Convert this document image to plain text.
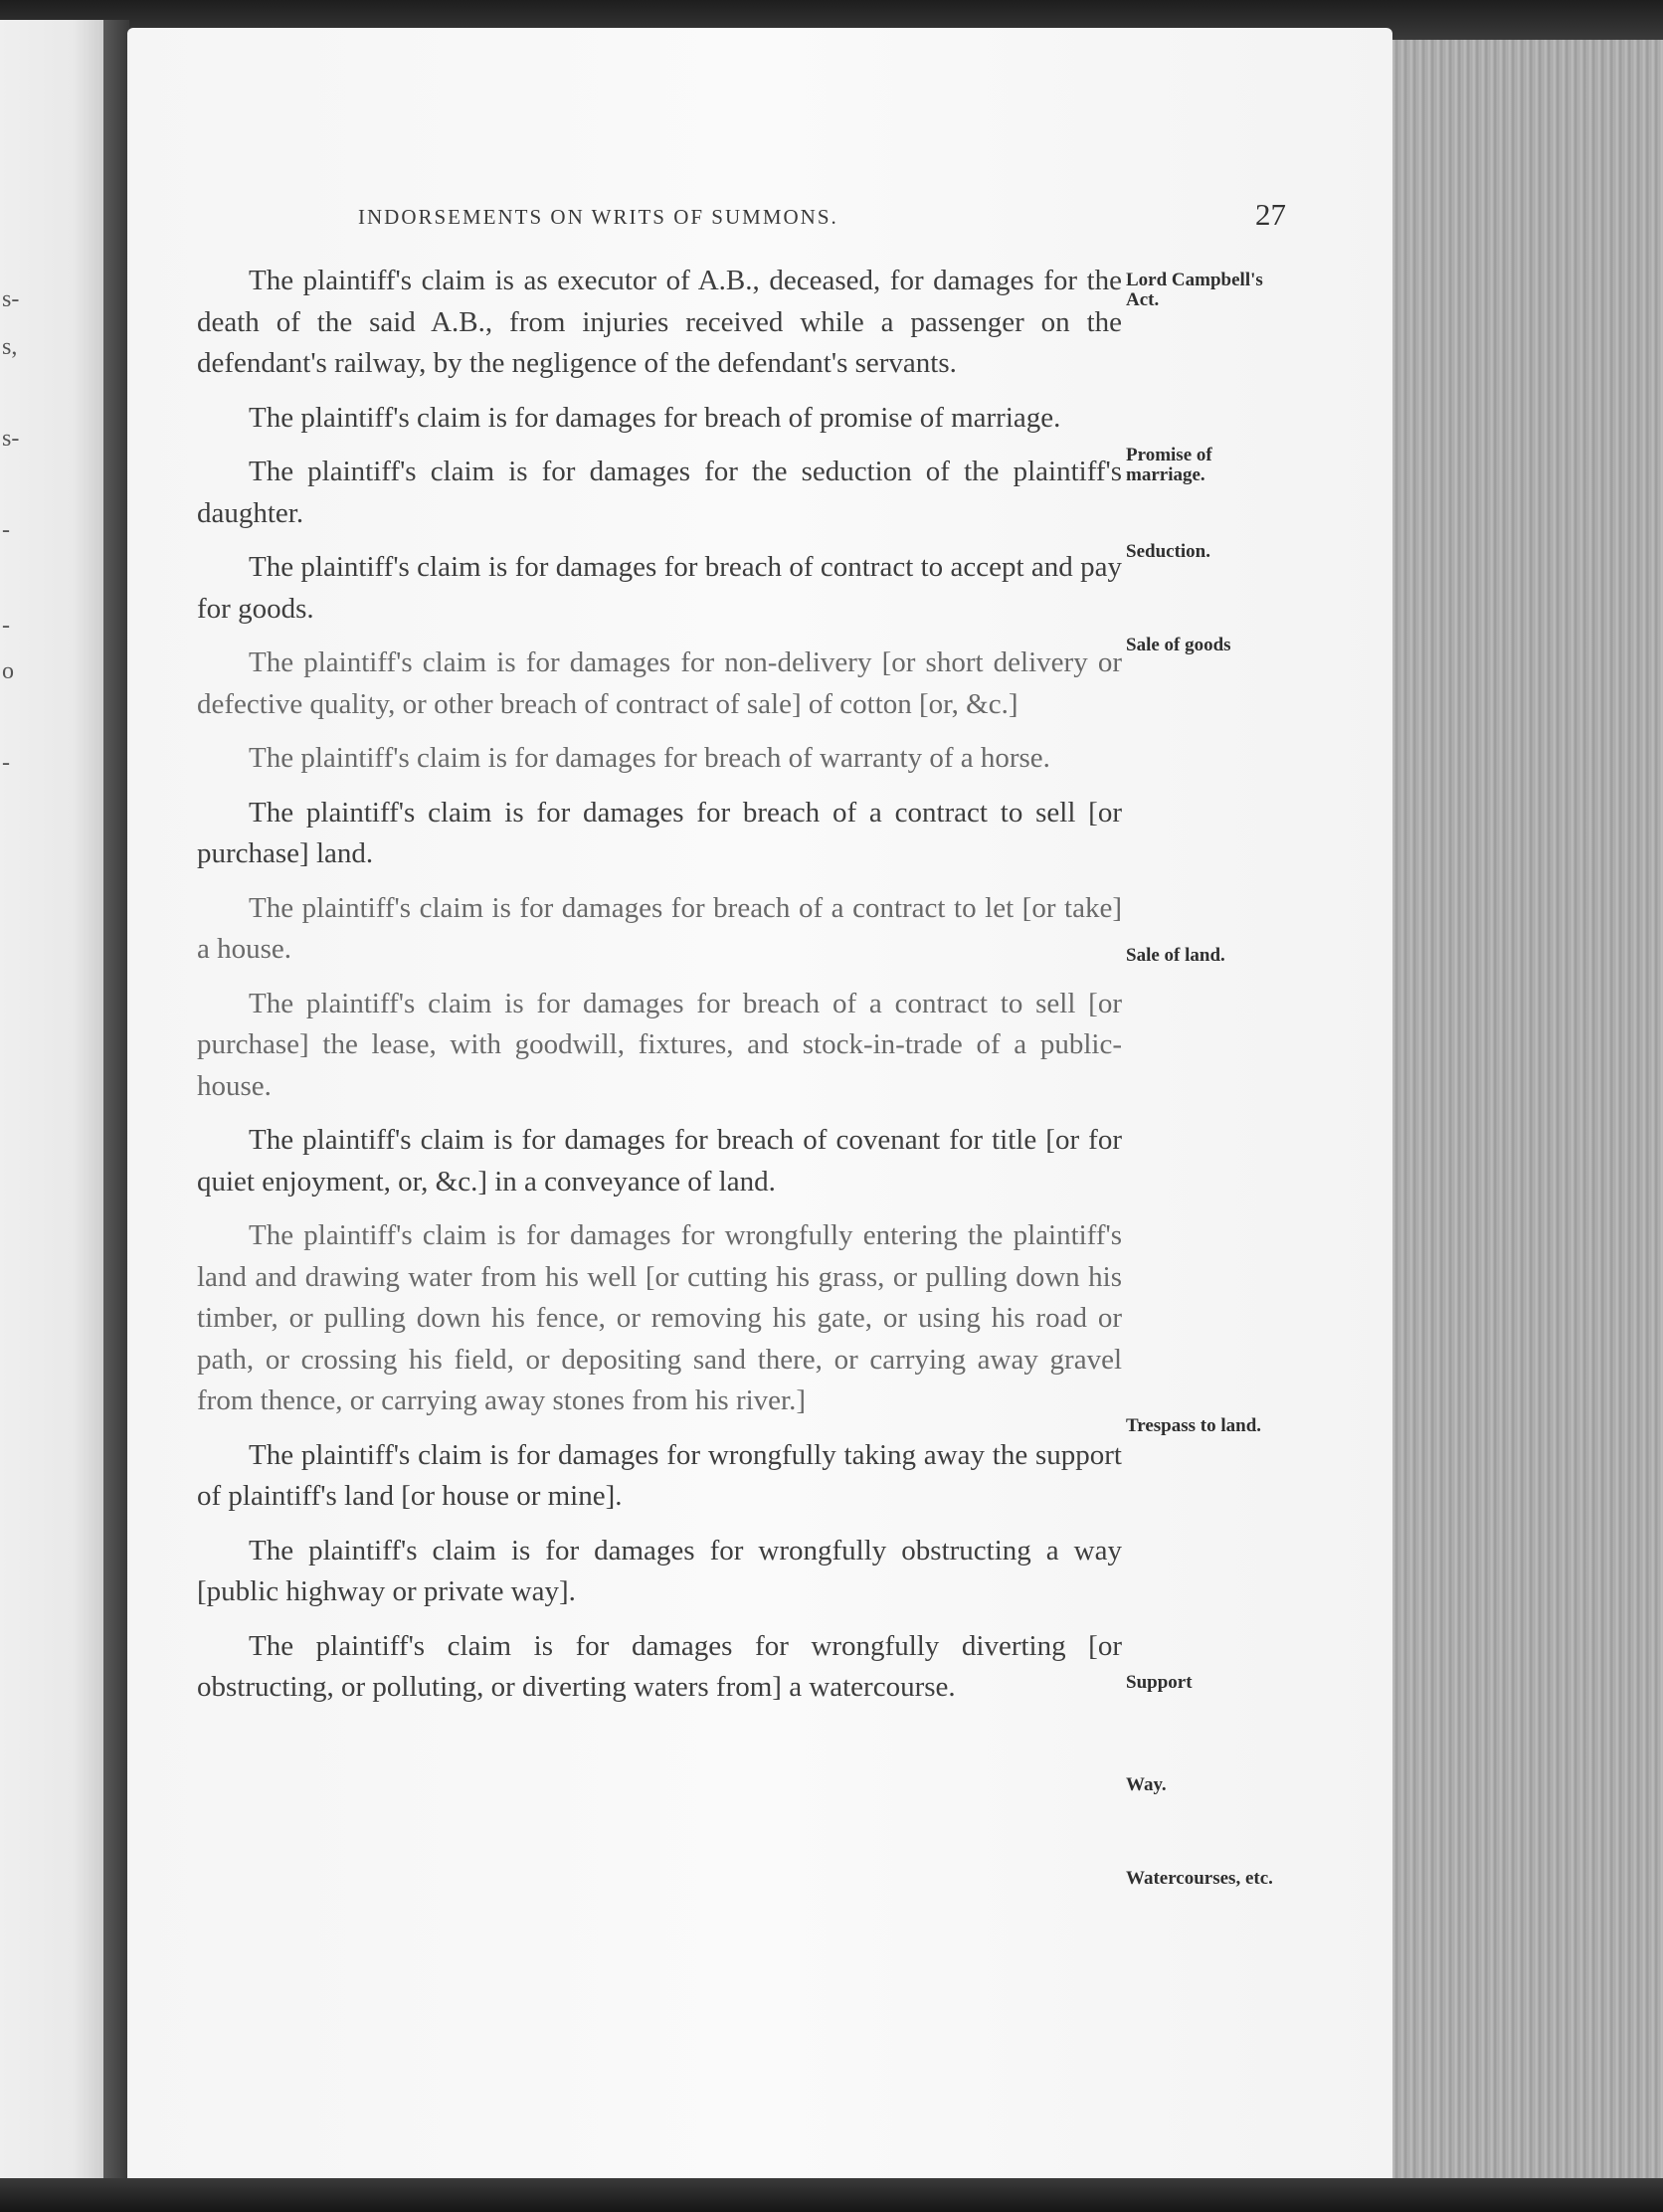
s-
s,
s-
-
-
o
-
INDORSEMENTS ON WRITS OF SUMMONS.	27

The plaintiff's claim is as executor of A.B., deceased, for damages for the death of the said A.B., from injuries received while a passenger on the defendant's railway, by the negligence of the defendant's servants.

The plaintiff's claim is for damages for breach of promise of marriage.

The plaintiff's claim is for damages for the seduction of the plaintiff's daughter.

The plaintiff's claim is for damages for breach of contract to accept and pay for goods.

The plaintiff's claim is for damages for non-delivery [or short delivery or defective quality, or other breach of contract of sale] of cotton [or, &c.]

The plaintiff's claim is for damages for breach of warranty of a horse.

The plaintiff's claim is for damages for breach of a contract to sell [or purchase] land.

The plaintiff's claim is for damages for breach of a contract to let [or take] a house.

The plaintiff's claim is for damages for breach of a contract to sell [or purchase] the lease, with goodwill, fixtures, and stock-in-trade of a public-house.

The plaintiff's claim is for damages for breach of covenant for title [or for quiet enjoyment, or, &c.] in a conveyance of land.

The plaintiff's claim is for damages for wrongfully entering the plaintiff's land and drawing water from his well [or cutting his grass, or pulling down his timber, or pulling down his fence, or removing his gate, or using his road or path, or crossing his field, or depositing sand there, or carrying away gravel from thence, or carrying away stones from his river.]

The plaintiff's claim is for damages for wrongfully taking away the support of plaintiff's land [or house or mine].

The plaintiff's claim is for damages for wrongfully obstructing a way [public highway or private way].

The plaintiff's claim is for damages for wrongfully diverting [or obstructing, or polluting, or diverting waters from] a watercourse.

Lord Campbell's Act.
Promise of marriage.
Seduction.
Sale of goods
Sale of land.
Trespass to land.
Support
Way.
Watercourses, etc.
